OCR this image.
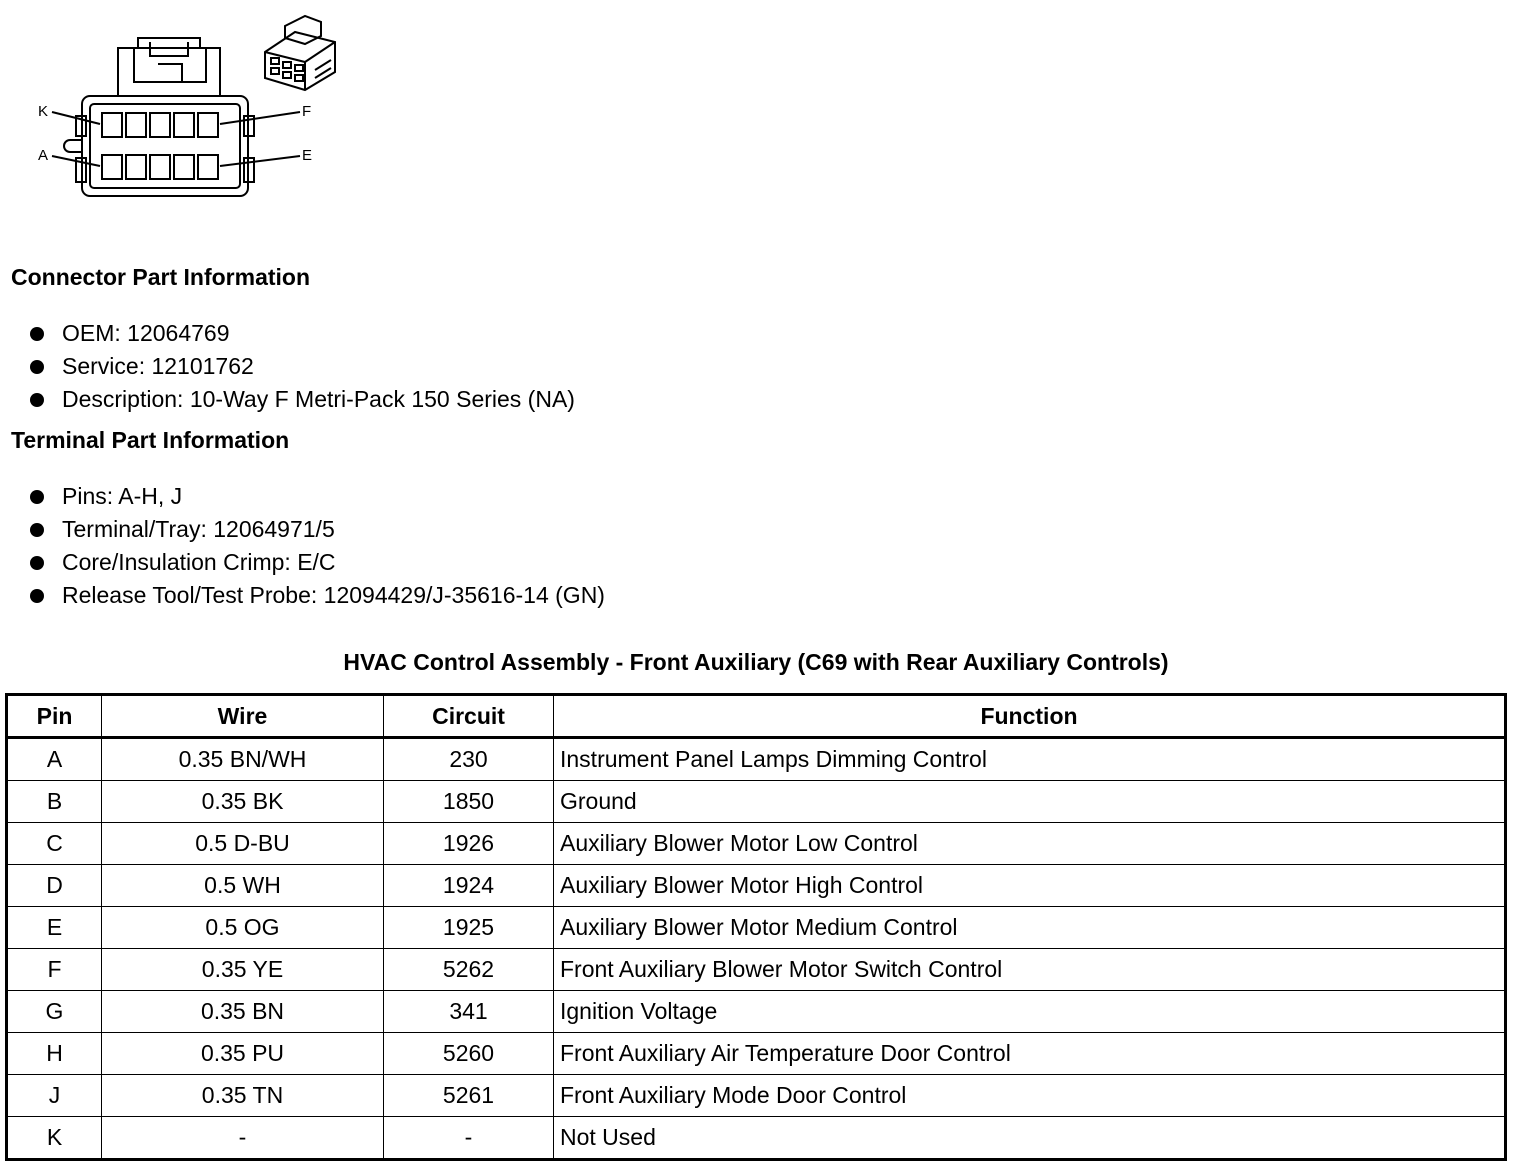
K
A
F
E
Connector Part Information
OEM: 12064769
Service: 12101762
Description: 10-Way F Metri-Pack 150 Series (NA)
Terminal Part Information
Pins: A-H, J
Terminal/Tray: 12064971/5
Core/Insulation Crimp: E/C
Release Tool/Test Probe: 12094429/J-35616-14 (GN)
HVAC Control Assembly - Front Auxiliary (C69 with Rear Auxiliary Controls)
Pin	Wire	Circuit	Function
A	0.35 BN/WH	230	Instrument Panel Lamps Dimming Control
B	0.35 BK	1850	Ground
C	0.5 D-BU	1926	Auxiliary Blower Motor Low Control
D	0.5 WH	1924	Auxiliary Blower Motor High Control
E	0.5 OG	1925	Auxiliary Blower Motor Medium Control
F	0.35 YE	5262	Front Auxiliary Blower Motor Switch Control
G	0.35 BN	341	Ignition Voltage
H	0.35 PU	5260	Front Auxiliary Air Temperature Door Control
J	0.35 TN	5261	Front Auxiliary Mode Door Control
K	-	-	Not Used
